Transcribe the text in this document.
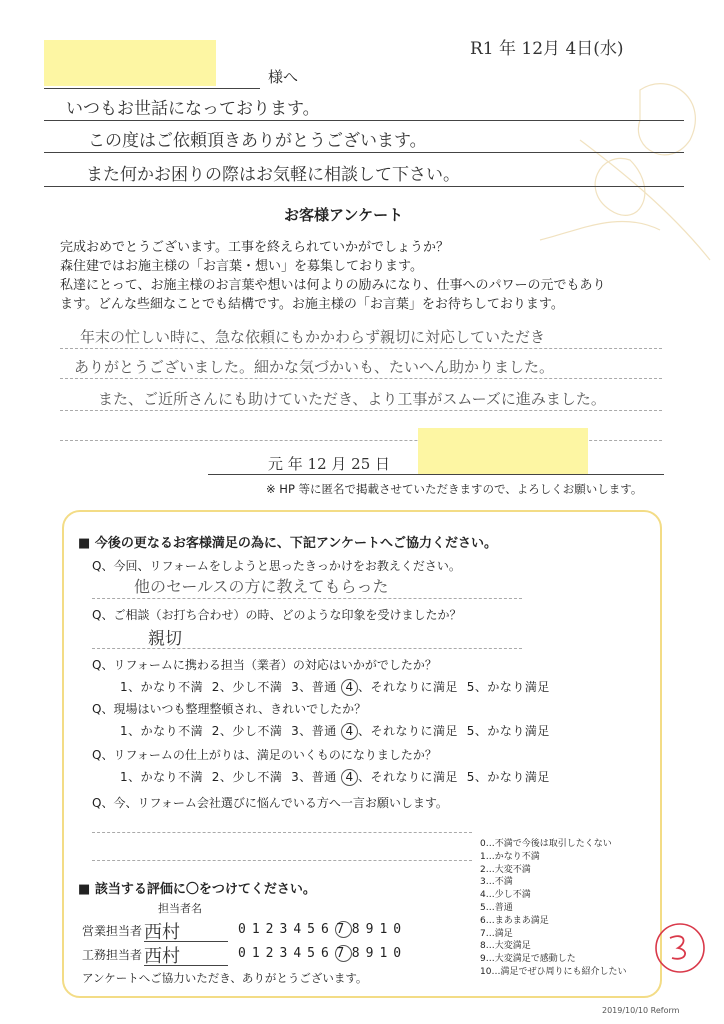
R1 年 12月 4日(水)
様へ
いつもお世話になっております。
この度はご依頼頂きありがとうございます。
また何かお困りの際はお気軽に相談して下さい。
お客様アンケート
完成おめでとうございます。工事を終えられていかがでしょうか？
森住建ではお施主様の「お言葉・想い」を募集しております。
私達にとって、お施主様のお言葉や想いは何よりの励みになり、仕事へのパワーの元でもあり
ます。どんな些細なことでも結構です。お施主様の「お言葉」をお待ちしております。
年末の忙しい時に、急な依頼にもかかわらず親切に対応していただき
ありがとうございました。細かな気づかいも、たいへん助かりました。
また、ご近所さんにも助けていただき、より工事がスムーズに進みました。
元 年 12 月 25 日
※ HP 等に匿名で掲載させていただきますので、よろしくお願いします。
■ 今後の更なるお客様満足の為に、下記アンケートへご協力ください。
Q、今回、リフォームをしようと思ったきっかけをお教えください。
他のセールスの方に教えてもらった
Q、ご相談（お打ち合わせ）の時、どのような印象を受けましたか？
親切
Q、リフォームに携わる担当（業者）の対応はいかがでしたか？
1、かなり不満 2、少し不満 3、普通 4 、それなりに満足 5、かなり満足
Q、現場はいつも整理整頓され、きれいでしたか？
1、かなり不満 2、少し不満 3、普通 4 、それなりに満足 5、かなり満足
Q、リフォームの仕上がりは、満足のいくものになりましたか？
1、かなり不満 2、少し不満 3、普通 4 、それなりに満足 5、かなり満足
Q、今、リフォーム会社選びに悩んでいる方へ一言お願いします。
0…不満で今後は取引したくない
1…かなり不満
2…大変不満
3…不満
4…少し不満
5…普通
6…まあまあ満足
7…満足
8…大変満足
9…大変満足で感動した
10…満足でぜひ周りにも紹介したい
■ 該当する評価に〇をつけてください。
担当者名
営業担当者 西村	0123456 7 8910
工務担当者 西村	0123456 7 8910
アンケートへご協力いただき、ありがとうございます。
2019/10/10 Reform
